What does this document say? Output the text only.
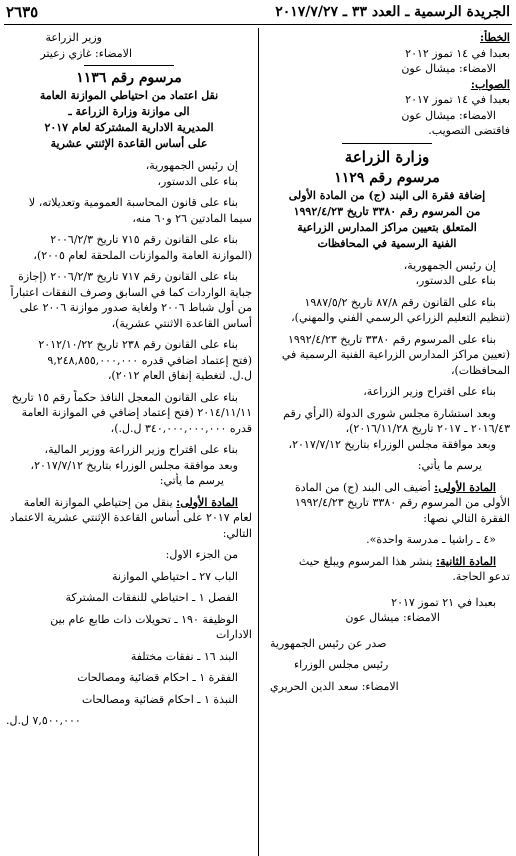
الجريدة الرسمية ـ العدد ٣٣ ـ ٢٠١٧/٧/٢٧
٢٦٣٥
الخطأ:
بعبدا في ١٤ تموز ٢٠١٢
الامضاء: ميشال عون
الصواب:
بعبدا في ١٤ تموز ٢٠١٧
الامضاء: ميشال عون
فاقتضى التصويب.
وزارة الزراعة
مرسوم رقم ١١٢٩
إضافة فقرة الى البند (ج) من المادة الأولى
من المرسوم رقم ٣٣٨٠ تاريخ ١٩٩٢/٤/٢٣
المتعلق بتعيين مراكز المدارس الزراعية
الفنية الرسمية في المحافظات
إن رئيس الجمهورية،
بناء على الدستور،
بناء على القانون رقم ٨٧/٨ تاريخ ١٩٨٧/٥/٢
(تنظيم التعليم الزراعي الرسمي الفني والمهني)،
بناء على المرسوم رقم ٣٣٨٠ تاريخ ١٩٩٢/٤/٢٣
(تعيين مراكز المدارس الزراعية الفنية الرسمية في
المحافظات)،
بناء على اقتراح وزير الزراعة،
وبعد استشارة مجلس شورى الدولة (الرأي رقم
٢٠١٦/٤٣ ـ ٢٠١٧ تاريخ ٢٠١٦/١١/٢٨)،
وبعد موافقة مجلس الوزراء بتاريخ ٢٠١٧/٧/١٢،
يرسم ما يأتي:
المادة الأولى: أضيف الى البند (ج) من المادة
الأولى من المرسوم رقم ٣٣٨٠ تاريخ ١٩٩٢/٤/٢٣
الفقرة التالي نصها:
«٤ ـ راشيا ـ مدرسة واحدة».
المادة الثانية: ينشر هذا المرسوم ويبلغ حيث
تدعو الحاجة.
بعبدا في ٢١ تموز ٢٠١٧
الامضاء: ميشال عون
صدر عن رئيس الجمهورية
رئيس مجلس الوزراء
الامضاء: سعد الدين الحريري
وزير الزراعة
الامضاء: غازي زعيتر
مرسوم رقم ١١٣٦
نقل اعتماد من احتياطي الموازنة العامة
الى موازنة وزارة الزراعة ـ
المديرية الادارية المشتركة لعام ٢٠١٧
على أساس القاعدة الإثنتي عشرية
إن رئيس الجمهورية،
بناء على الدستور،
بناء على قانون المحاسبة العمومية وتعديلاته، لا
سيما المادتين ٢٦ و٦٠ منه،
بناء على القانون رقم ٧١٥ تاريخ ٢٠٠٦/٢/٣
(الموازنة العامة والموازنات الملحقة لعام ٢٠٠٥)،
بناء على القانون رقم ٧١٧ تاريخ ٢٠٠٦/٢/٣ (إجازة
جباية الواردات كما في السابق وصرف النفقات اعتباراً
من أول شباط ٢٠٠٦ ولغاية صدور موازنة ٢٠٠٦ على
أساس القاعدة الاثنتي عشرية)،
بناء على القانون رقم ٢٣٨ تاريخ ٢٠١٢/١٠/٢٢
(فتح إعتماد اضافي قدره ٩,٢٤٨,٨٥٥,٠٠٠,٠٠٠
ل.ل. لتغطية إنفاق العام ٢٠١٢)،
بناء على القانون المعجل النافذ حكماً رقم ١٥ تاريخ
٢٠١٤/١١/١١ (فتح إعتماد إضافي في الموازنة العامة
قدره ٣٤٠,٠٠٠,٠٠٠,٠٠٠ ل.ل.)،
بناء على اقتراح وزير الزراعة ووزير المالية،
وبعد موافقة مجلس الوزراء بتاريخ ٢٠١٧/٧/١٢،
يرسم ما يأتي:
المادة الأولى: ينقل من إحتياطي الموازنة العامة
لعام ٢٠١٧ على أساس القاعدة الإثنتي عشرية الاعتماد
التالي:
من الجزء الاول:
الباب ٢٧ ـ احتياطي الموازنة
الفصل ١ ـ احتياطي للنفقات المشتركة
الوظيفة ١٩٠ ـ تحويلات ذات طابع عام بين
الادارات
البند ١٦ ـ نفقات مختلفة
الفقرة ١ ـ احكام قضائية ومصالحات
النبذة ١ ـ احكام قضائية ومصالحات
٧,٥٠٠,٠٠٠ ل.ل.
